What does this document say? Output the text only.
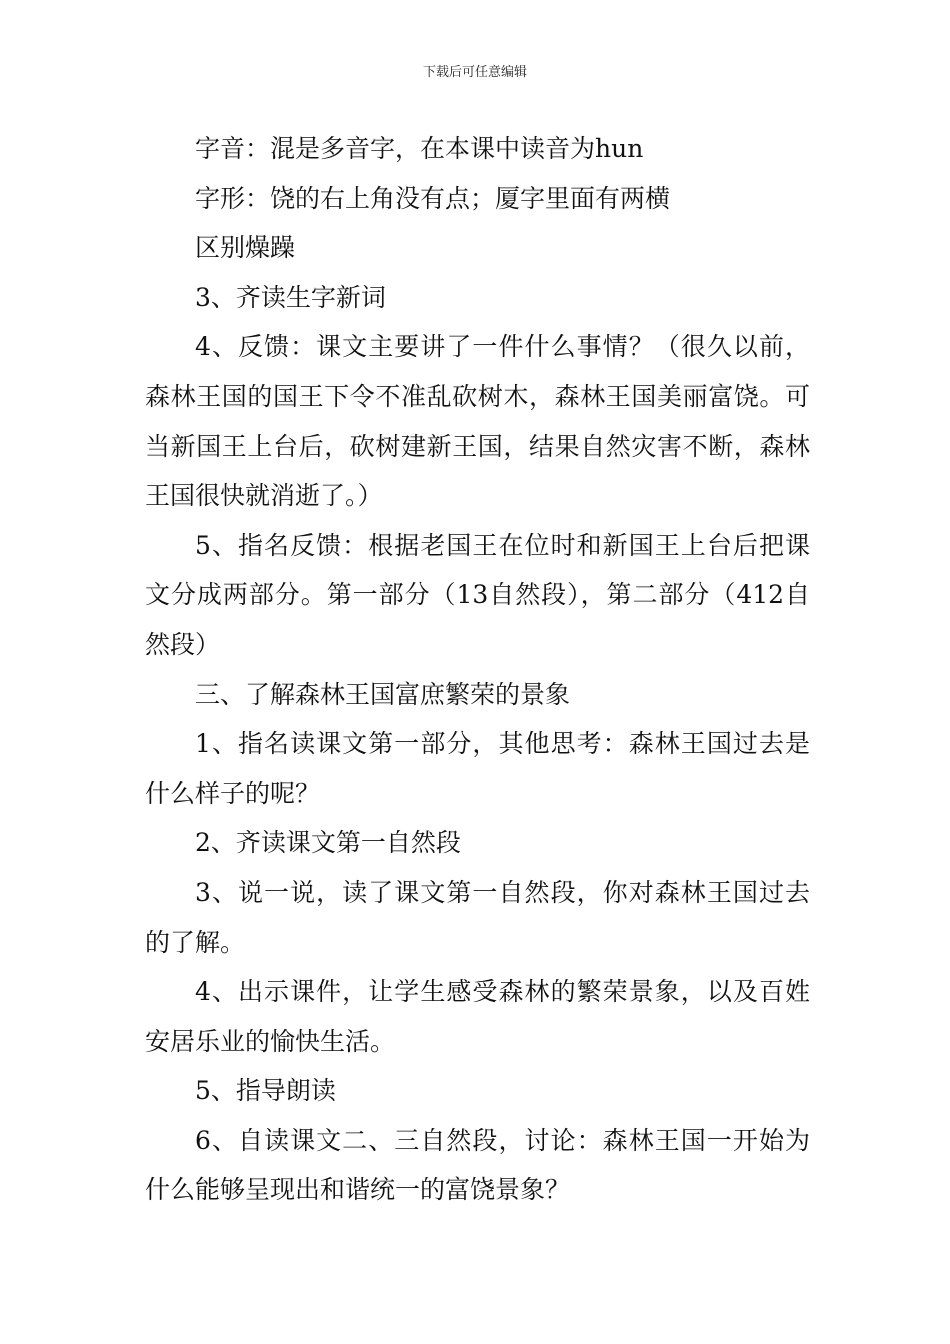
下载后可任意编辑

字音：混是多音字，在本课中读音为hun

字形：饶的右上角没有点；厦字里面有两横

区别燥躁

3、齐读生字新词

4、反馈：课文主要讲了一件什么事情？（很久以前，森林王国的国王下令不准乱砍树木，森林王国美丽富饶。可当新国王上台后，砍树建新王国，结果自然灾害不断，森林王国很快就消逝了。）

5、指名反馈：根据老国王在位时和新国王上台后把课文分成两部分。第一部分（13自然段），第二部分（412自然段）

三、了解森林王国富庶繁荣的景象

1、指名读课文第一部分，其他思考：森林王国过去是什么样子的呢？

2、齐读课文第一自然段

3、说一说，读了课文第一自然段，你对森林王国过去的了解。

4、出示课件，让学生感受森林的繁荣景象，以及百姓安居乐业的愉快生活。

5、指导朗读

6、自读课文二、三自然段，讨论：森林王国一开始为什么能够呈现出和谐统一的富饶景象？
